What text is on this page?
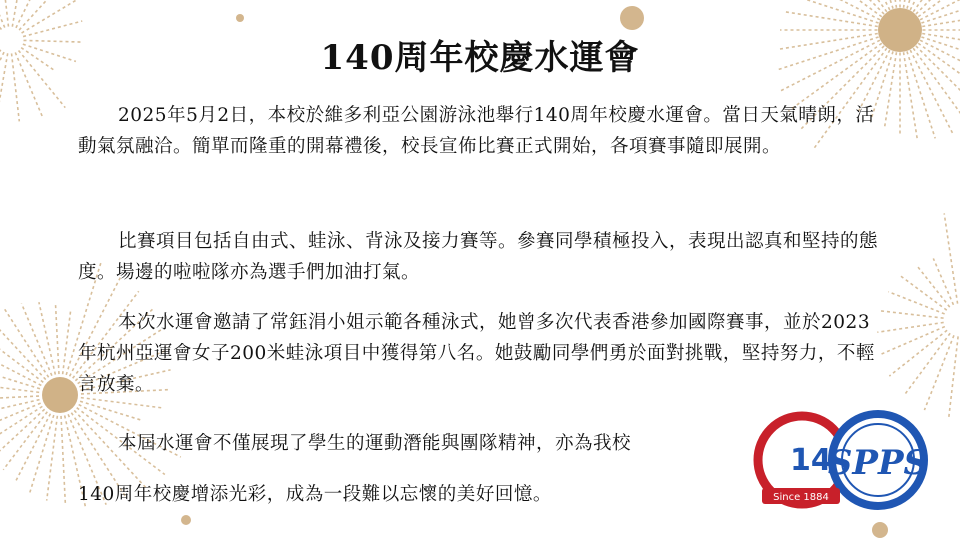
140周年校慶水運會

2025年5月2日，本校於維多利亞公園游泳池舉行140周年校慶水運會。當日天氣晴朗，活動氣氛融洽。簡單而隆重的開幕禮後，校長宣佈比賽正式開始，各項賽事隨即展開。

比賽項目包括自由式、蛙泳、背泳及接力賽等。參賽同學積極投入，表現出認真和堅持的態度。場邊的啦啦隊亦為選手們加油打氣。

本次水運會邀請了常鈺涓小姐示範各種泳式，她曾多次代表香港參加國際賽事，並於2023年杭州亞運會女子200米蛙泳項目中獲得第八名。她鼓勵同學們勇於面對挑戰，堅持努力，不輕言放棄。

本屆水運會不僅展現了學生的運動潛能與團隊精神，亦為我校

140周年校慶增添光彩，成為一段難以忘懷的美好回憶。

14
SPPS
Since 1884
